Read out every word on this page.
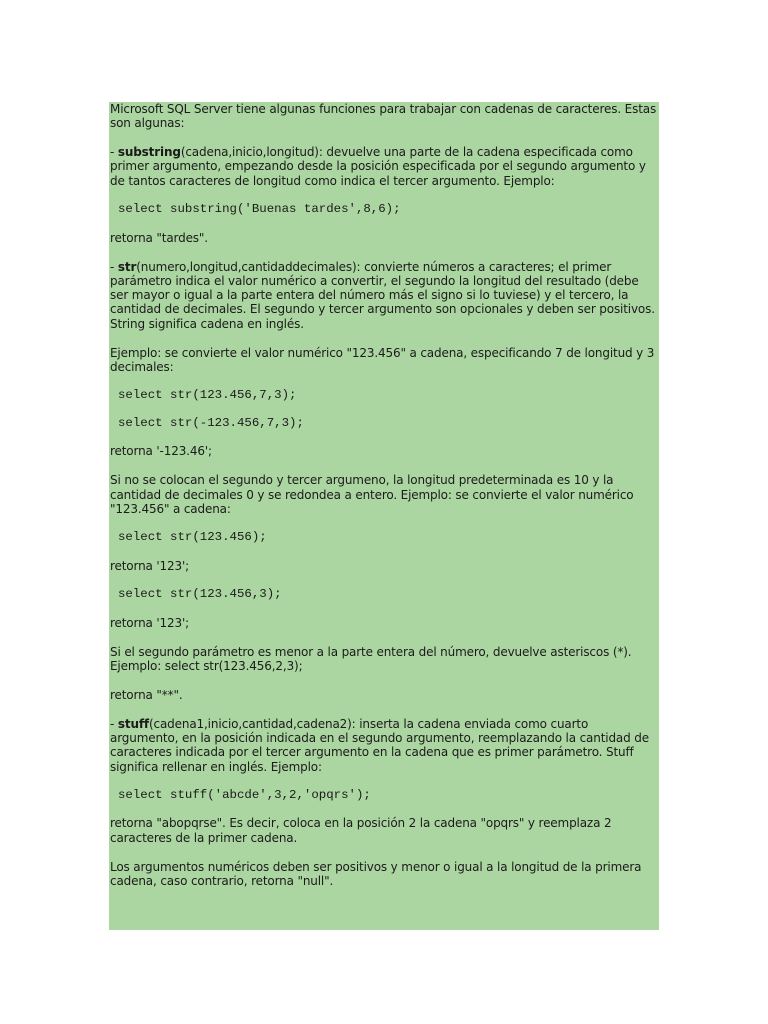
Microsoft SQL Server tiene algunas funciones para trabajar con cadenas de caracteres. Estas son algunas:
- substring(cadena,inicio,longitud): devuelve una parte de la cadena especificada como primer argumento, empezando desde la posición especificada por el segundo argumento y de tantos caracteres de longitud como indica el tercer argumento. Ejemplo:
select substring('Buenas tardes',8,6);
retorna "tardes".
- str(numero,longitud,cantidaddecimales): convierte números a caracteres; el primer parámetro indica el valor numérico a convertir, el segundo la longitud del resultado (debe ser mayor o igual a la parte entera del número más el signo si lo tuviese) y el tercero, la cantidad de decimales. El segundo y tercer argumento son opcionales y deben ser positivos. String significa cadena en inglés.
Ejemplo: se convierte el valor numérico "123.456" a cadena, especificando 7 de longitud y 3 decimales:
select str(123.456,7,3);
select str(-123.456,7,3);
retorna '-123.46';
Si no se colocan el segundo y tercer argumeno, la longitud predeterminada es 10 y la cantidad de decimales 0 y se redondea a entero. Ejemplo: se convierte el valor numérico "123.456" a cadena:
select str(123.456);
retorna '123';
select str(123.456,3);
retorna '123';
Si el segundo parámetro es menor a la parte entera del número, devuelve asteriscos (*). Ejemplo: select str(123.456,2,3);
retorna "**".
- stuff(cadena1,inicio,cantidad,cadena2): inserta la cadena enviada como cuarto argumento, en la posición indicada en el segundo argumento, reemplazando la cantidad de caracteres indicada por el tercer argumento en la cadena que es primer parámetro. Stuff significa rellenar en inglés. Ejemplo:
select stuff('abcde',3,2,'opqrs');
retorna "abopqrse". Es decir, coloca en la posición 2 la cadena "opqrs" y reemplaza 2 caracteres de la primer cadena.
Los argumentos numéricos deben ser positivos y menor o igual a la longitud de la primera cadena, caso contrario, retorna "null".
